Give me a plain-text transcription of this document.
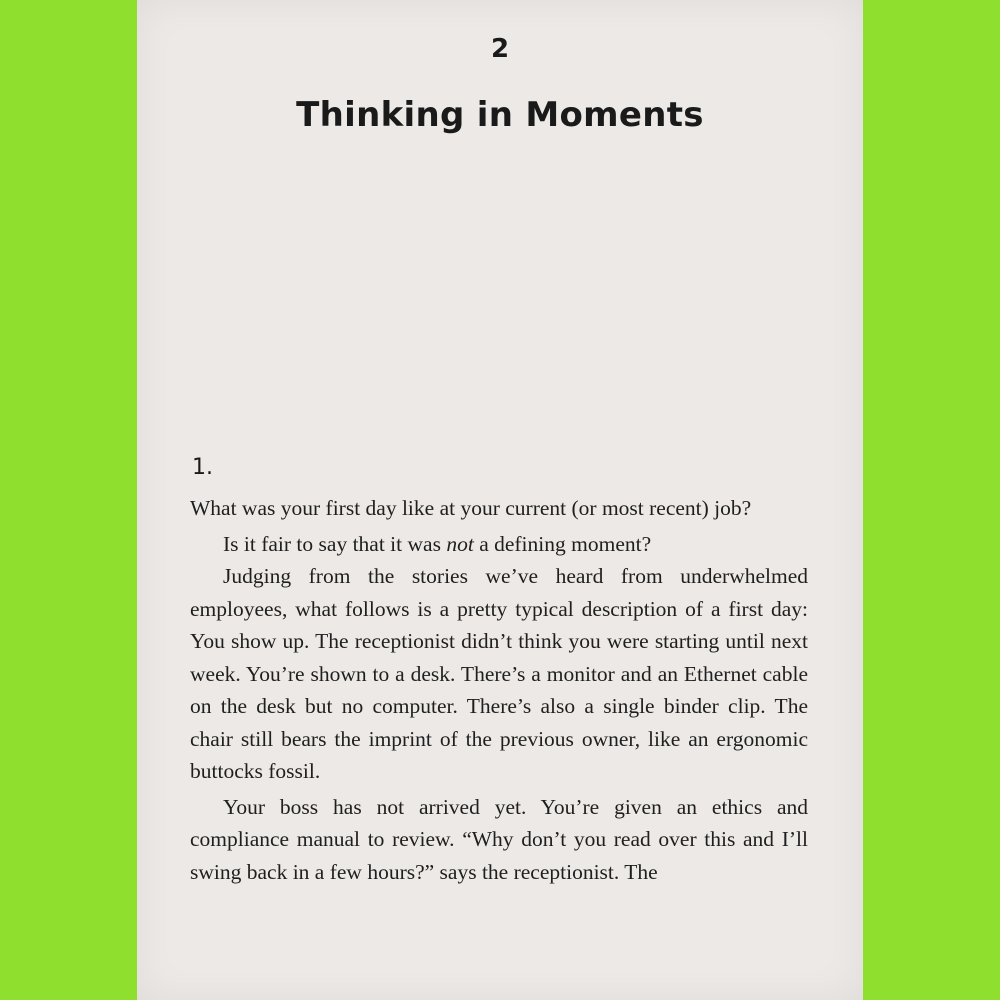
2
Thinking in Moments
1.

What was your first day like at your current (or most recent) job?

Is it fair to say that it was not a defining moment?

Judging from the stories we’ve heard from underwhelmed employees, what follows is a pretty typical description of a first day: You show up. The receptionist didn’t think you were starting until next week. You’re shown to a desk. There’s a monitor and an Ethernet cable on the desk but no computer. There’s also a single binder clip. The chair still bears the imprint of the previous owner, like an ergonomic buttocks fossil.

Your boss has not arrived yet. You’re given an ethics and compliance manual to review. “Why don’t you read over this and I’ll swing back in a few hours?” says the receptionist. The
